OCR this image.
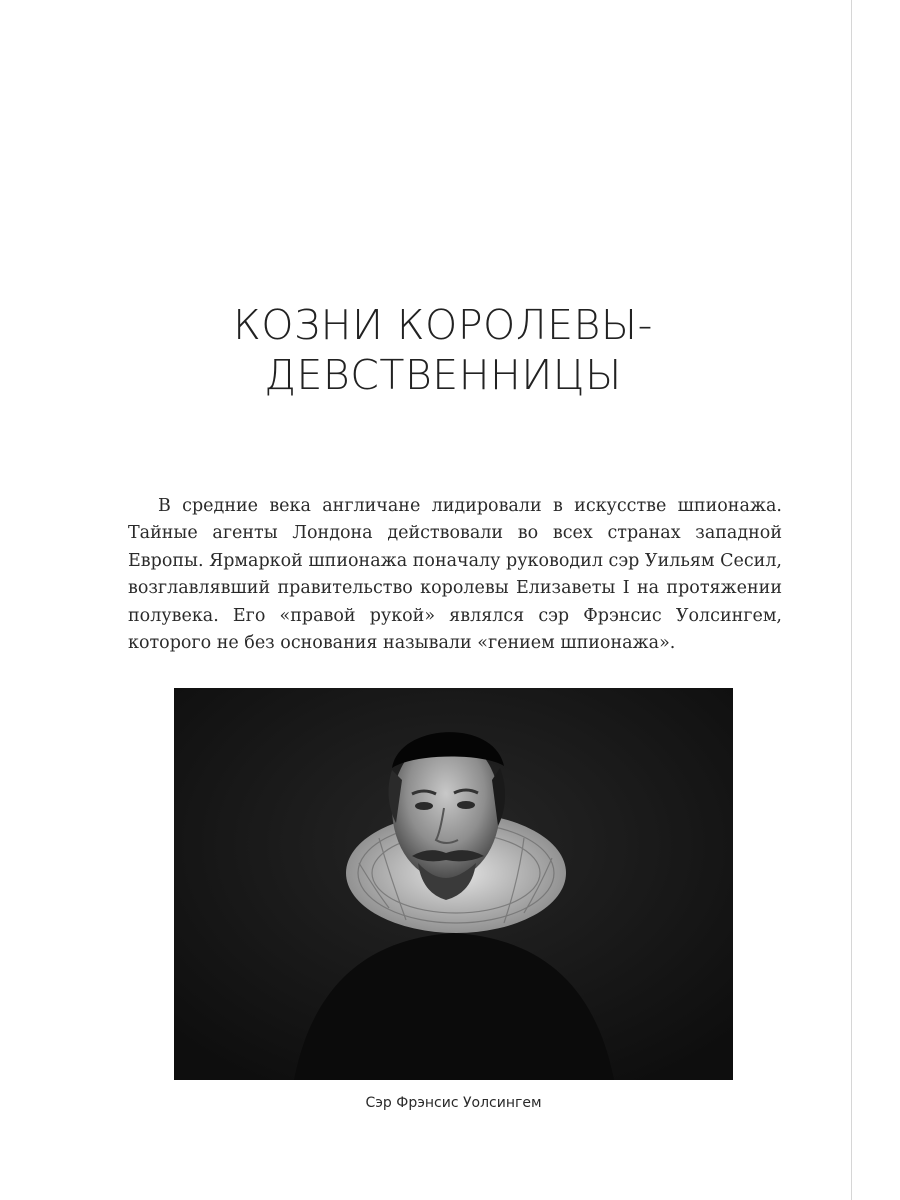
КОЗНИ КОРОЛЕВЫ-
ДЕВСТВЕННИЦЫ

В средние века англичане лидировали в искусстве шпионажа. Тайные агенты Лондона действовали во всех странах западной Европы. Ярмаркой шпионажа поначалу руководил сэр Уильям Сесил, возглавлявший правительство королевы Елизаветы I на протяжении полувека. Его «правой рукой» являлся сэр Фрэнсис Уолсингем, которого не без основания называли «гением шпионажа».

Сэр Фрэнсис Уолсингем
